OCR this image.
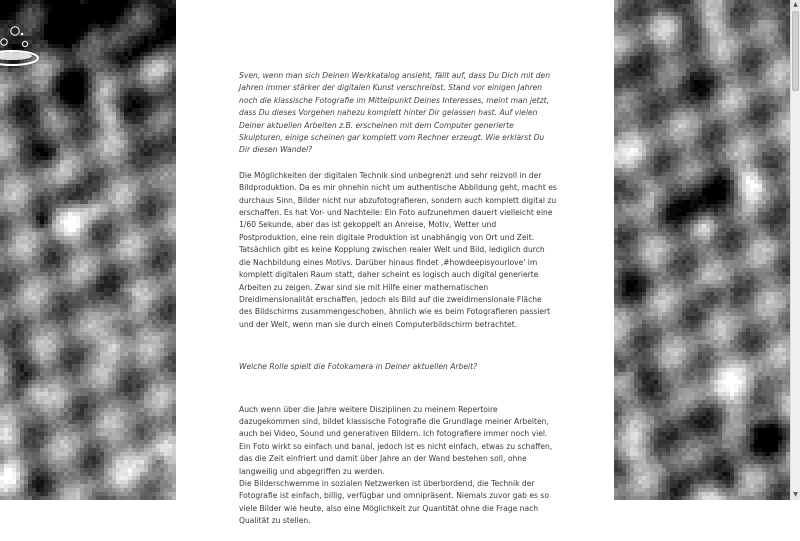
Sven, wenn man sich Deinen Werkkatalog ansieht, fällt auf, dass Du Dich mit den Jahren immer stärker der digitalen Kunst verschreibst. Stand vor einigen Jahren noch die klassische Fotografie im Mittelpunkt Deines Interesses, meint man jetzt, dass Du dieses Vorgehen nahezu komplett hinter Dir gelassen hast. Auf vielen Deiner aktuellen Arbeiten z.B. erscheinen mit dem Computer generierte Skulpturen, einige scheinen gar komplett vom Rechner erzeugt. Wie erklärst Du Dir diesen Wandel?

Die Möglichkeiten der digitalen Technik sind unbegrenzt und sehr reizvoll in der Bildproduktion. Da es mir ohnehin nicht um authentische Abbildung geht, macht es durchaus Sinn, Bilder nicht nur abzufotografieren, sondern auch komplett digital zu erschaffen. Es hat Vor- und Nachteile: Ein Foto aufzunehmen dauert vielleicht eine 1/60 Sekunde, aber das ist gekoppelt an Anreise, Motiv, Wetter und Postproduktion, eine rein digitale Produktion ist unabhängig von Ort und Zeit. Tatsächlich gibt es keine Kopplung zwischen realer Welt und Bild, lediglich durch die Nachbildung eines Motivs. Darüber hinaus findet ‚#howdeepisyourlove' im komplett digitalen Raum statt, daher scheint es logisch auch digital generierte Arbeiten zu zeigen. Zwar sind sie mit Hilfe einer mathematischen Dreidimensionalität erschaffen, jedoch als Bild auf die zweidimensionale Fläche des Bildschirms zusammengeschoben, ähnlich wie es beim Fotografieren passiert und der Welt, wenn man sie durch einen Computerbildschirm betrachtet.

Welche Rolle spielt die Fotokamera in Deiner aktuellen Arbeit?

Auch wenn über die Jahre weitere Disziplinen zu meinem Repertoire dazugekommen sind, bildet klassische Fotografie die Grundlage meiner Arbeiten, auch bei Video, Sound und generativen Bildern. Ich fotografiere immer noch viel. Ein Foto wirkt so einfach und banal, jedoch ist es nicht einfach, etwas zu schaffen, das die Zeit einfriert und damit über Jahre an der Wand bestehen soll, ohne langweilig und abgegriffen zu werden.

Die Bilderschwemme in sozialen Netzwerken ist überbordend, die Technik der Fotografie ist einfach, billig, verfügbar und omnipräsent. Niemals zuvor gab es so viele Bilder wie heute, also eine Möglichkeit zur Quantität ohne die Frage nach Qualität zu stellen.

▲
▼
